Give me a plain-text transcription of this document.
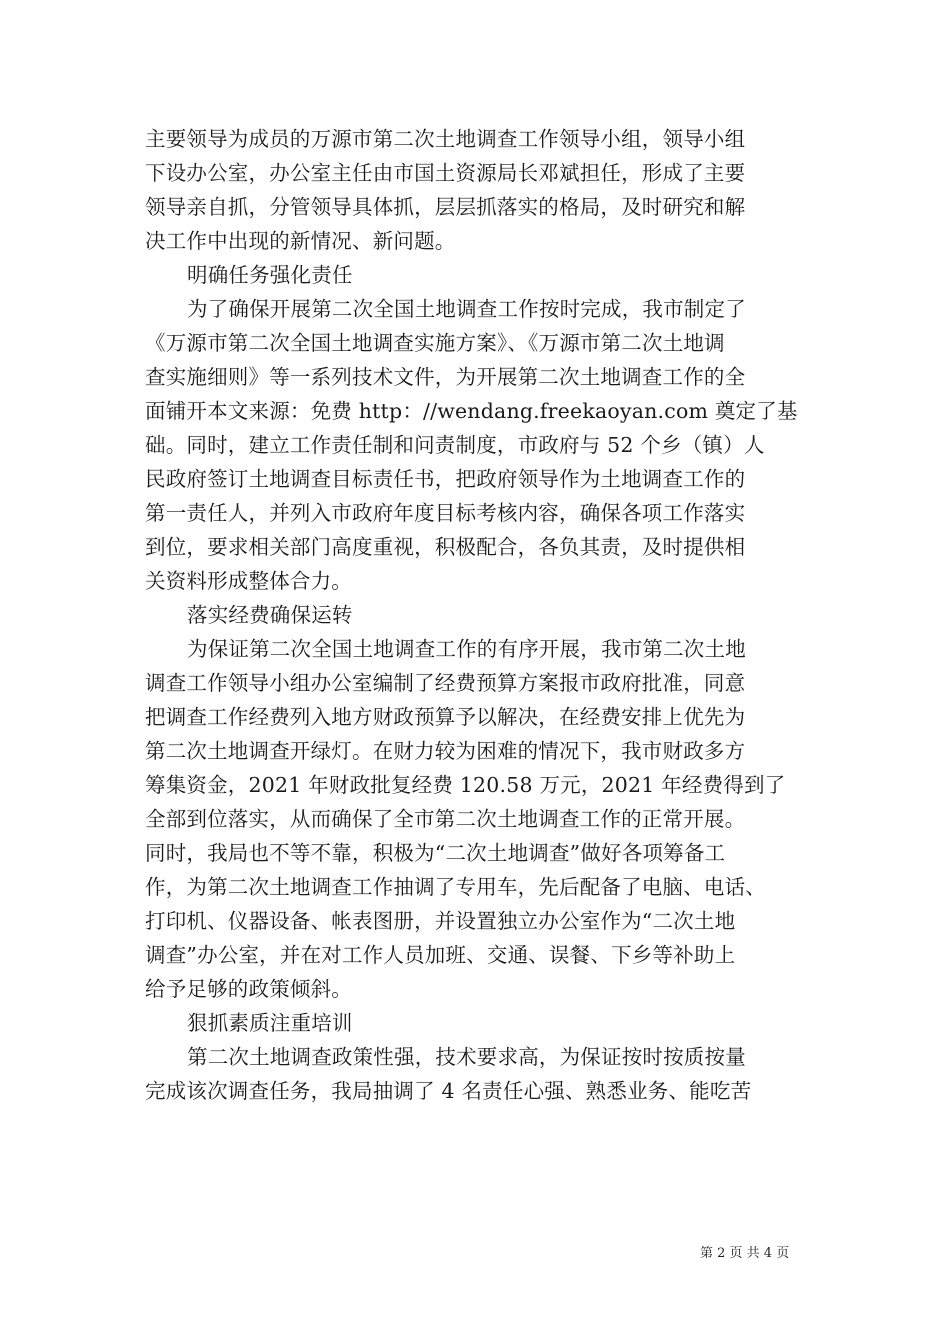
主要领导为成员的万源市第二次土地调查工作领导小组，领导小组
下设办公室，办公室主任由市国土资源局长邓斌担任，形成了主要
领导亲自抓，分管领导具体抓，层层抓落实的格局，及时研究和解
决工作中出现的新情况、新问题。
明确任务强化责任
为了确保开展第二次全国土地调查工作按时完成，我市制定了
《万源市第二次全国土地调查实施方案》、《万源市第二次土地调
查实施细则》等一系列技术文件，为开展第二次土地调查工作的全
面铺开本文来源：免费 http：//wendang.freekaoyan.com 奠定了基
础。同时，建立工作责任制和问责制度，市政府与 52 个乡（镇）人
民政府签订土地调查目标责任书，把政府领导作为土地调查工作的
第一责任人，并列入市政府年度目标考核内容，确保各项工作落实
到位，要求相关部门高度重视，积极配合，各负其责，及时提供相
关资料形成整体合力。
落实经费确保运转
为保证第二次全国土地调查工作的有序开展，我市第二次土地
调查工作领导小组办公室编制了经费预算方案报市政府批准，同意
把调查工作经费列入地方财政预算予以解决，在经费安排上优先为
第二次土地调查开绿灯。在财力较为困难的情况下，我市财政多方
筹集资金，2021 年财政批复经费 120.58 万元，2021 年经费得到了
全部到位落实，从而确保了全市第二次土地调查工作的正常开展。
同时，我局也不等不靠，积极为“二次土地调查”做好各项筹备工
作，为第二次土地调查工作抽调了专用车，先后配备了电脑、电话、
打印机、仪器设备、帐表图册，并设置独立办公室作为“二次土地
调查”办公室，并在对工作人员加班、交通、误餐、下乡等补助上
给予足够的政策倾斜。
狠抓素质注重培训
第二次土地调查政策性强，技术要求高，为保证按时按质按量
完成该次调查任务，我局抽调了 4 名责任心强、熟悉业务、能吃苦
第 2 页 共 4 页
